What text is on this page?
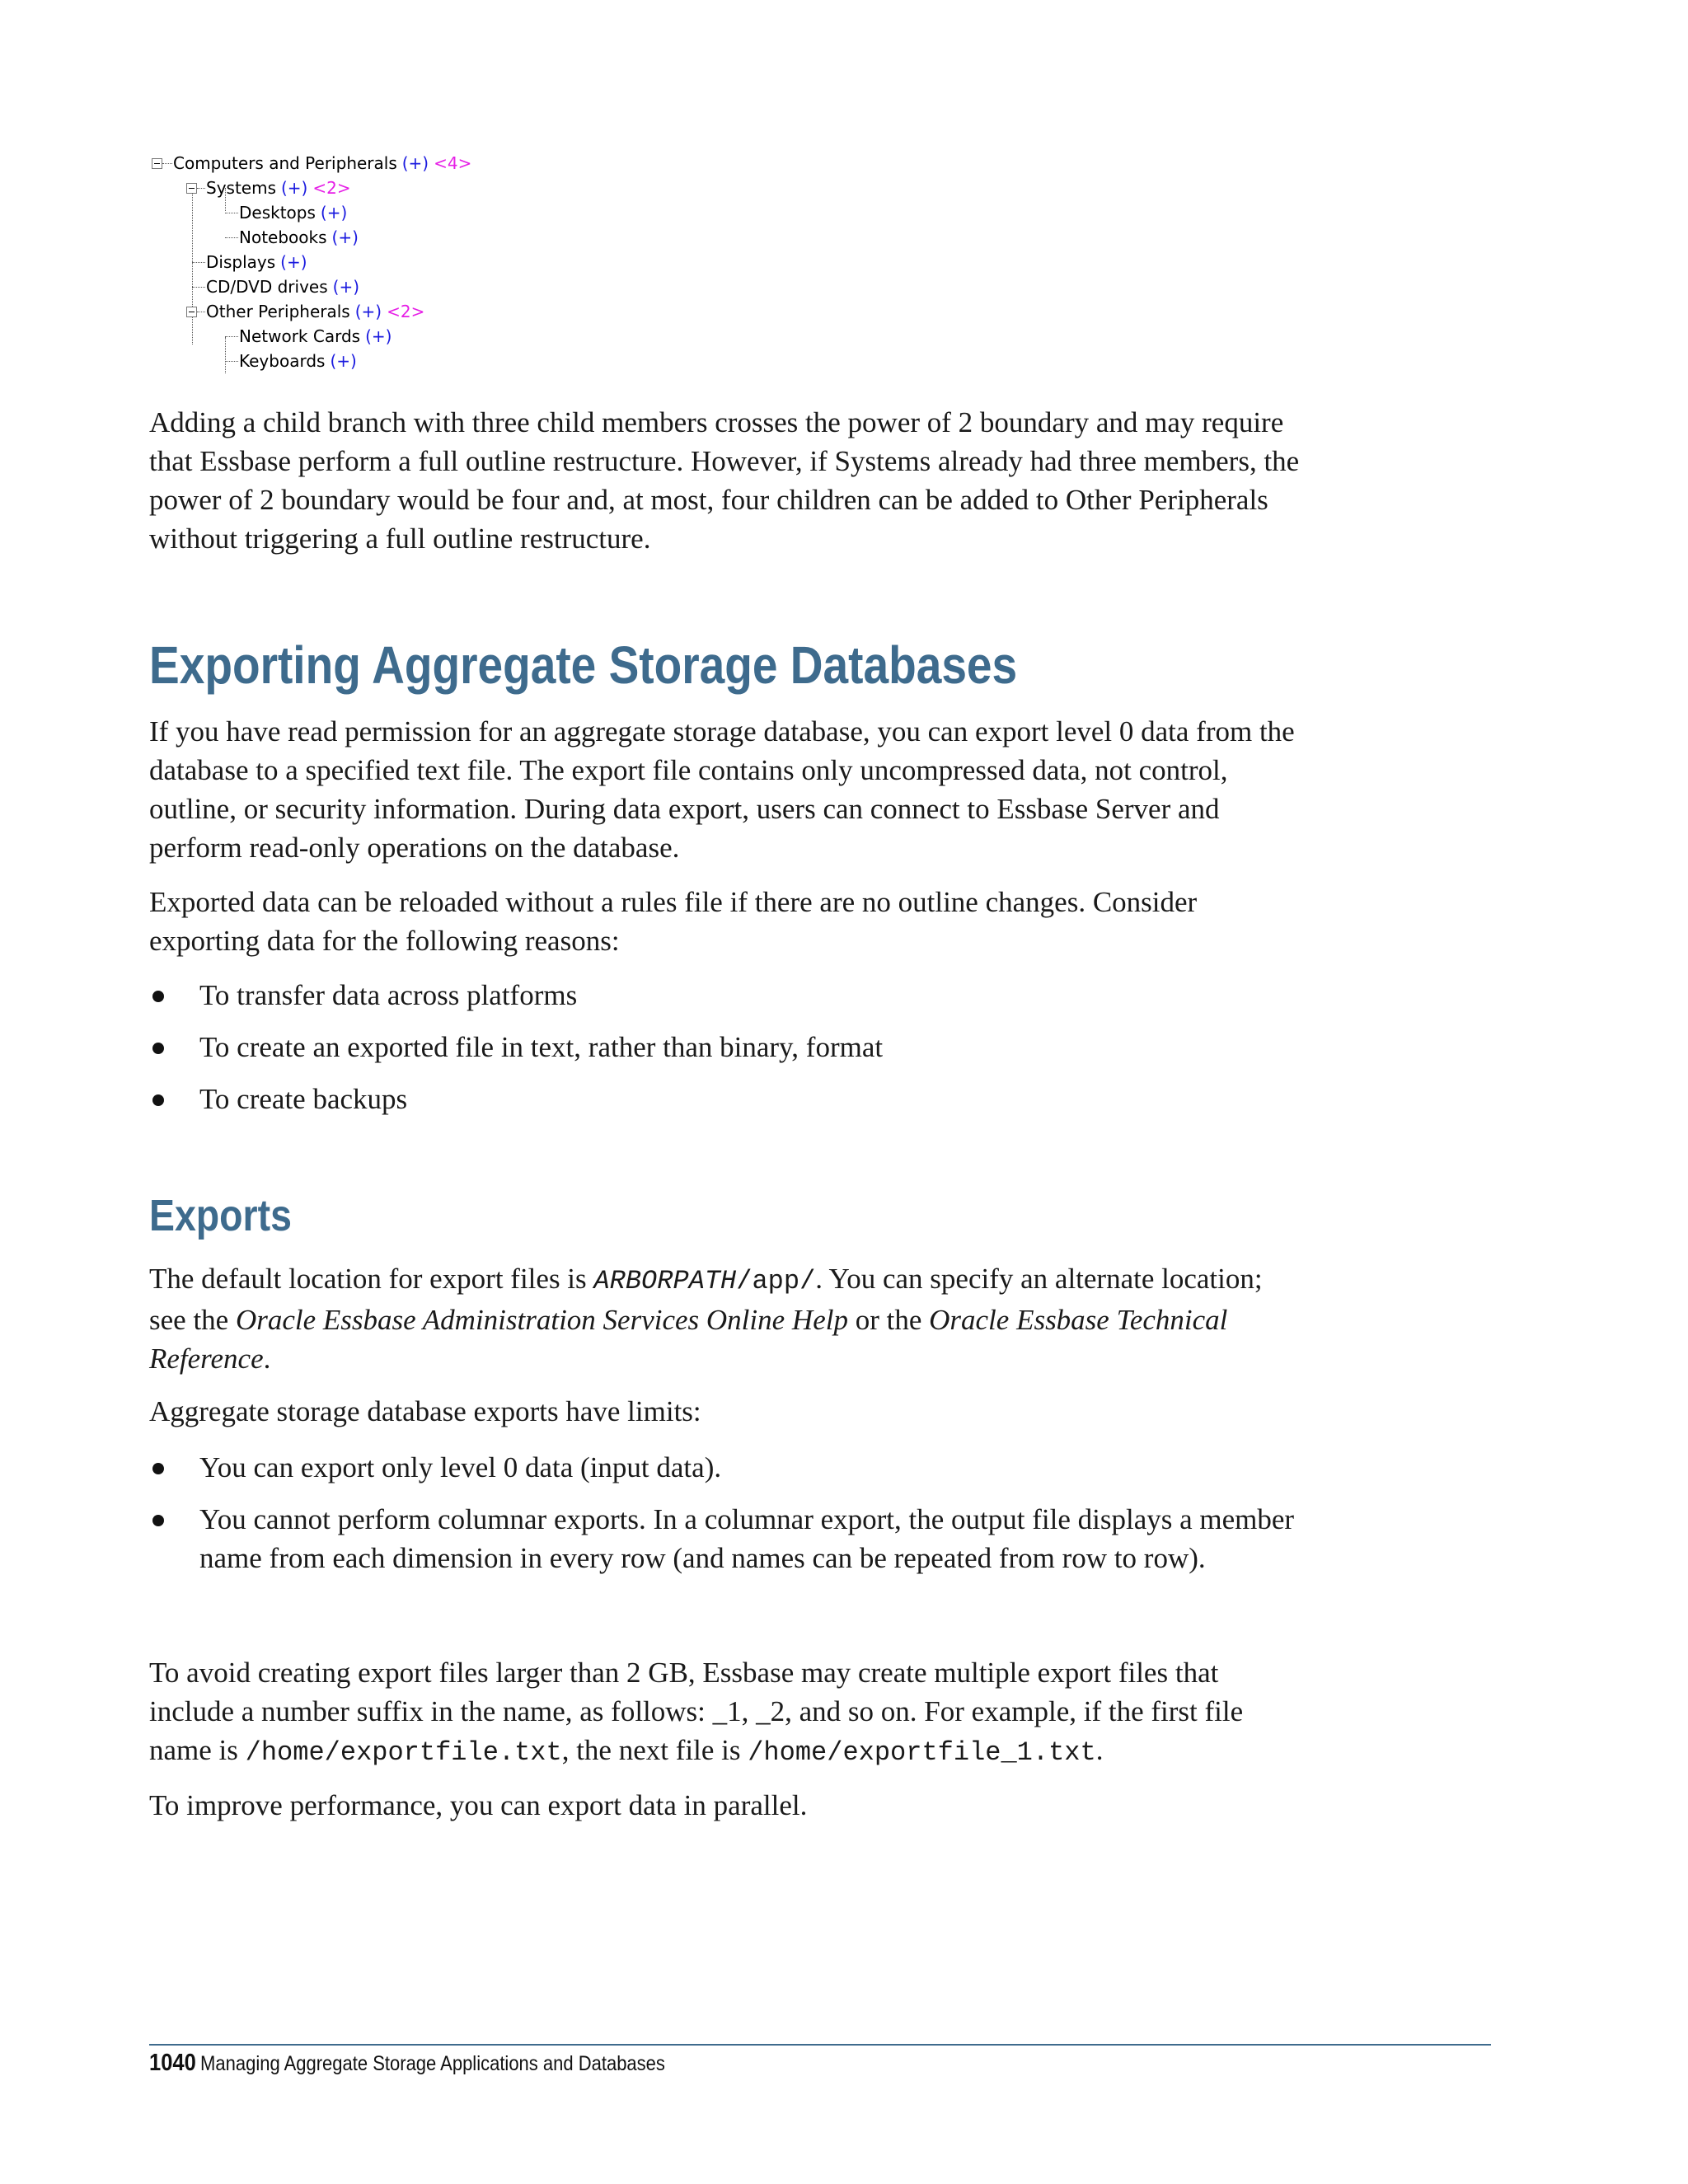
Computers and Peripherals (+) <4>
Systems (+) <2>
Desktops (+)
Notebooks (+)
Displays (+)
CD/DVD drives (+)
Other Peripherals (+) <2>
Network Cards (+)
Keyboards (+)

Adding a child branch with three child members crosses the power of 2 boundary and may require that Essbase perform a full outline restructure. However, if Systems already had three members, the power of 2 boundary would be four and, at most, four children can be added to Other Peripherals without triggering a full outline restructure.

Exporting Aggregate Storage Databases

If you have read permission for an aggregate storage database, you can export level 0 data from the database to a specified text file. The export file contains only uncompressed data, not control, outline, or security information. During data export, users can connect to Essbase Server and perform read-only operations on the database.

Exported data can be reloaded without a rules file if there are no outline changes. Consider exporting data for the following reasons:

To transfer data across platforms
To create an exported file in text, rather than binary, format
To create backups
Exports

The default location for export files is ARBORPATH/app/. You can specify an alternate location; see the Oracle Essbase Administration Services Online Help or the Oracle Essbase Technical Reference.

Aggregate storage database exports have limits:

You can export only level 0 data (input data).
You cannot perform columnar exports. In a columnar export, the output file displays a member name from each dimension in every row (and names can be repeated from row to row).

To avoid creating export files larger than 2 GB, Essbase may create multiple export files that include a number suffix in the name, as follows: _1, _2, and so on. For example, if the first file name is /home/exportfile.txt, the next file is /home/exportfile_1.txt.

To improve performance, you can export data in parallel.

1040 Managing Aggregate Storage Applications and Databases
